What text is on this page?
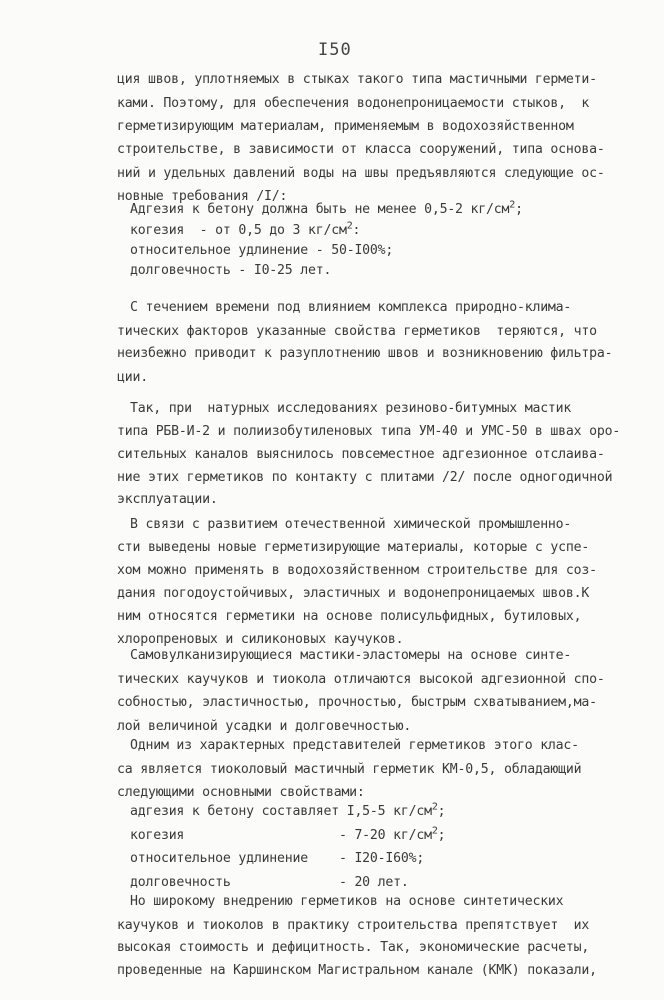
I50
ция швов, уплотняемых в стыках такого типа мастичными гермети-
ками. Поэтому, для обеспечения водонепроницаемости стыков,  к
герметизирующим материалам, применяемым в водохозяйственном
строительстве, в зависимости от класса сооружений, типа основа-
ний и удельных давлений воды на швы предъявляются следующие ос-
новные требования /I/:
Адгезия к бетону должна быть не менее 0,5-2 $кг/см^2$;
когезия  - от 0,5 до 3 $кг/см^2$:
относительное удлинение - 50-I00%;
долговечность - I0-25 лет.
С течением времени под влиянием комплекса природно-клима-
тических факторов указанные свойства герметиков  теряются, что
неизбежно приводит к разуплотнению швов и возникновению фильтра-
ции.
Так, при  натурных исследованиях резиново-битумных мастик
типа РБВ-И-2 и полиизобутиленовых типа УМ-40 и УМС-50 в швах оро-
сительных каналов выяснилось повсеместное адгезионное отслаива-
ние этих герметиков по контакту с плитами /2/ после одногодичной
эксплуатации.
В связи с развитием отечественной химической промышленно-
сти выведены новые герметизирующие материалы, которые с успе-
хом можно применять в водохозяйственном строительстве для соз-
дания погодоустойчивых, эластичных и водонепроницаемых швов.К
ним относятся герметики на основе полисульфидных, бутиловых,
хлоропреновых и силиконовых каучуков.
Самовулканизирующиеся мастики-эластомеры на основе синте-
тических каучуков и тиокола отличаются высокой адгезионной спо-
собностью, эластичностью, прочностью, быстрым схватыванием,ма-
лой величиной усадки и долговечностью.
Одним из характерных представителей герметиков этого клас-
са является тиоколовый мастичный герметик КМ-0,5, обладающий
следующими основными свойствами:
адгезия к бетону составляет I,5-5 $кг/см^2$;
когезия                    - 7-20 $кг/см^2$;
относительное удлинение    - I20-I60%;
долговечность              - 20 лет.
Но широкому внедрению герметиков на основе синтетических
каучуков и тиоколов в практику строительства препятствует  их
высокая стоимость и дефицитность. Так, экономические расчеты,
проведенные на Каршинском Магистральном канале (КМК) показали,
